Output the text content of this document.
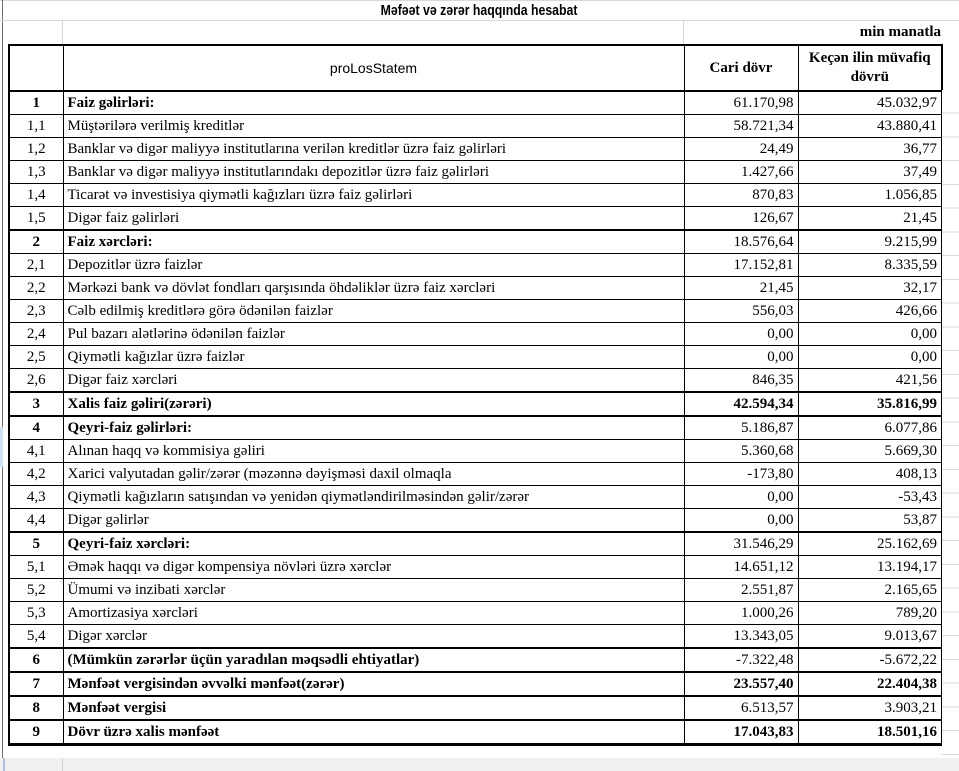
Məfəət və zərər haqqında hesabat
min manatla
	proLosStatem	Cari dövr	Keçən ilin müvafiq dövrü
1	Faiz gəlirləri:	61.170,98	45.032,97
1,1	Müştərilərə verilmiş kreditlər	58.721,34	43.880,41
1,2	Banklar və digər maliyyə institutlarına verilən kreditlər üzrə faiz gəlirləri	24,49	36,77
1,3	Banklar və digər maliyyə institutlarındakı depozitlər üzrə faiz gəlirləri	1.427,66	37,49
1,4	Ticarət və investisiya qiymətli kağızları üzrə faiz gəlirləri	870,83	1.056,85
1,5	Digər faiz gəlirləri	126,67	21,45
2	Faiz xərcləri:	18.576,64	9.215,99
2,1	Depozitlər üzrə faizlər	17.152,81	8.335,59
2,2	Mərkəzi bank və dövlət fondları qarşısında öhdəliklər üzrə faiz xərcləri	21,45	32,17
2,3	Cəlb edilmiş kreditlərə görə ödənilən faizlər	556,03	426,66
2,4	Pul bazarı alətlərinə ödənilən faizlər	0,00	0,00
2,5	Qiymətli kağızlar üzrə faizlər	0,00	0,00
2,6	Digər faiz xərcləri	846,35	421,56
3	Xalis faiz gəliri(zərəri)	42.594,34	35.816,99
4	Qeyri-faiz gəlirləri:	5.186,87	6.077,86
4,1	Alınan haqq və kommisiya gəliri	5.360,68	5.669,30
4,2	Xarici valyutadan gəlir/zərər (məzənnə dəyişməsi daxil olmaqla	-173,80	408,13
4,3	Qiymətli kağızların satışından və yenidən qiymətləndirilməsindən gəlir/zərər	0,00	-53,43
4,4	Digər gəlirlər	0,00	53,87
5	Qeyri-faiz xərcləri:	31.546,29	25.162,69
5,1	Əmək haqqı və digər kompensiya növləri üzrə xərclər	14.651,12	13.194,17
5,2	Ümumi və inzibati xərclər	2.551,87	2.165,65
5,3	Amortizasiya xərcləri	1.000,26	789,20
5,4	Digər xərclər	13.343,05	9.013,67
6	(Mümkün zərərlər üçün yaradılan məqsədli ehtiyatlar)	-7.322,48	-5.672,22
7	Mənfəət vergisindən əvvəlki mənfəət(zərər)	23.557,40	22.404,38
8	Mənfəət vergisi	6.513,57	3.903,21
9	Dövr üzrə xalis mənfəət	17.043,83	18.501,16
